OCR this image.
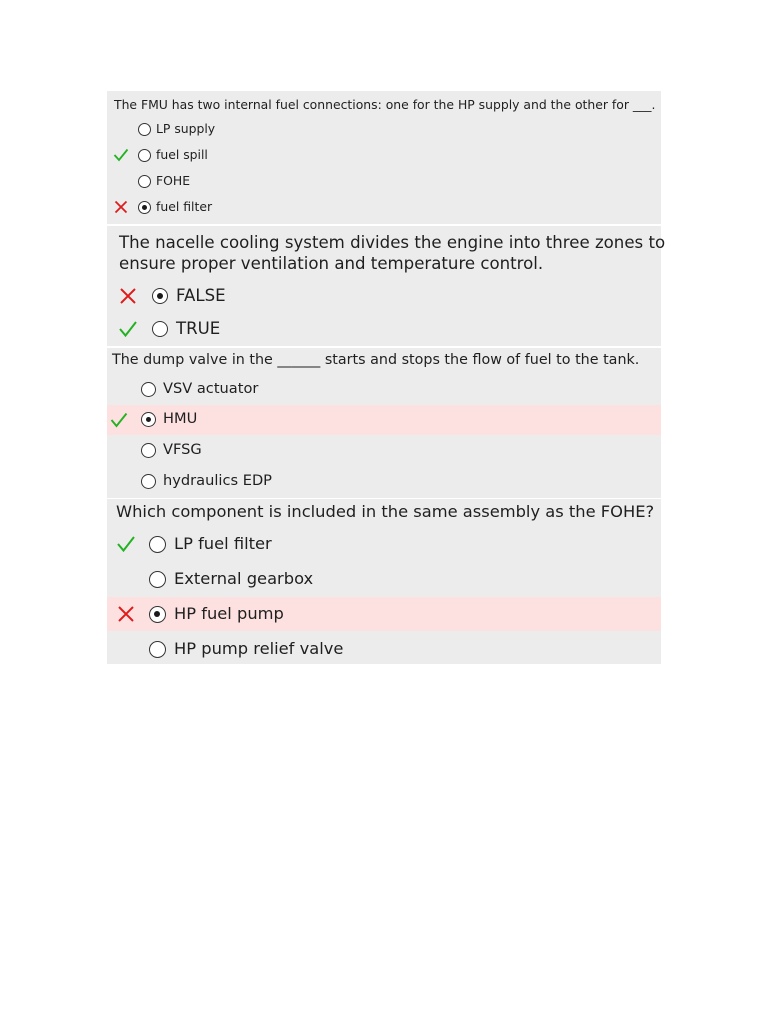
The FMU has two internal fuel connections: one for the HP supply and the other for ___.
LP supply
fuel spill
FOHE
fuel filter
The nacelle cooling system divides the engine into three zones to
ensure proper ventilation and temperature control.
FALSE
TRUE
The dump valve in the ______ starts and stops the flow of fuel to the tank.
VSV actuator
HMU
VFSG
hydraulics EDP
Which component is included in the same assembly as the FOHE?
LP fuel filter
External gearbox
HP fuel pump
HP pump relief valve
